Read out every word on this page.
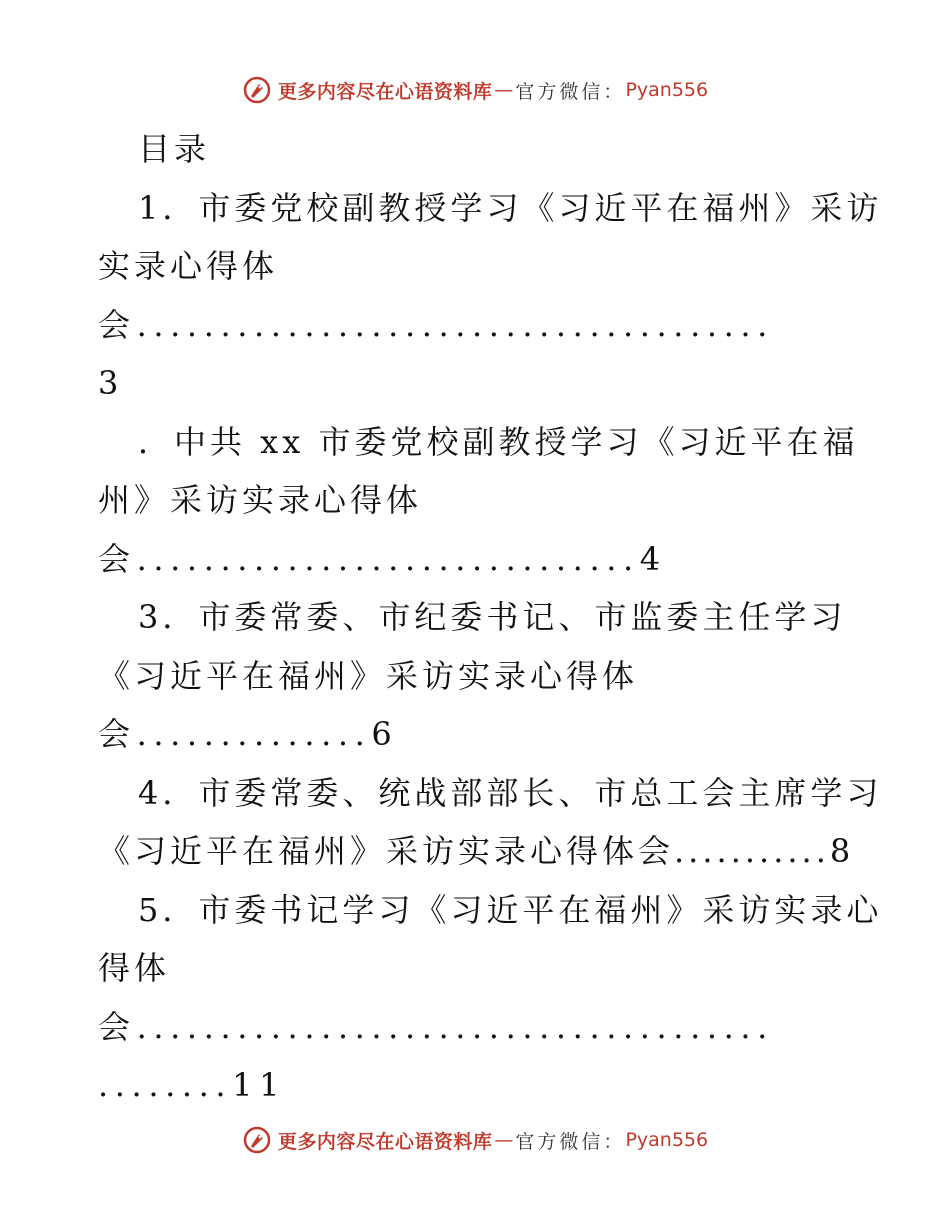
更多内容尽在心语资料库 — 官方微信： Pyan556
目录
1．市委党校副教授学习《习近平在福州》采访
实录心得体
会......................................
3
．中共 xx 市委党校副教授学习《习近平在福
州》采访实录心得体
会..............................4
3．市委常委、市纪委书记、市监委主任学习
《习近平在福州》采访实录心得体
会..............6
4．市委常委、统战部部长、市总工会主席学习
《习近平在福州》采访实录心得体会...........8
5．市委书记学习《习近平在福州》采访实录心
得体
会......................................
........11
更多内容尽在心语资料库 — 官方微信： Pyan556
